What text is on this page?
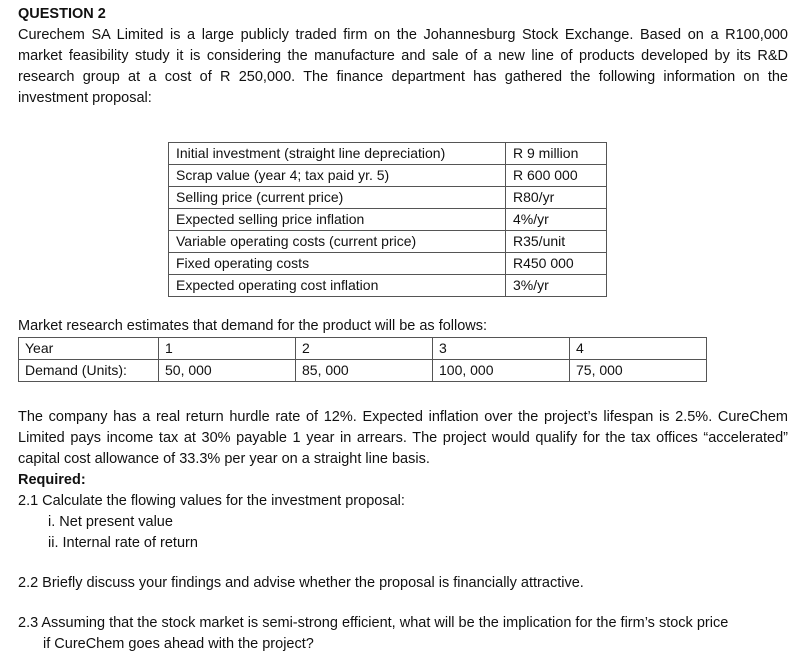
QUESTION 2

Curechem SA Limited is a large publicly traded firm on the Johannesburg Stock Exchange. Based on a R100,000 market feasibility study it is considering the manufacture and sale of a new line of products developed by its R&D research group at a cost of R 250,000. The finance department has gathered the following information on the investment proposal:

Initial investment (straight line depreciation)	R 9 million
Scrap value (year 4; tax paid yr. 5)	R 600 000
Selling price (current price)	R80/yr
Expected selling price inflation	4%/yr
Variable operating costs (current price)	R35/unit
Fixed operating costs	R450 000
Expected operating cost inflation	3%/yr

Market research estimates that demand for the product will be as follows:

Year	1	2	3	4
Demand (Units):	50, 000	85, 000	100, 000	75, 000

The company has a real return hurdle rate of 12%. Expected inflation over the project’s lifespan is 2.5%. CureChem Limited pays income tax at 30% payable 1 year in arrears. The project would qualify for the tax offices “accelerated” capital cost allowance of 33.3% per year on a straight line basis.

Required:

2.1 Calculate the flowing values for the investment proposal:

i. Net present value

ii. Internal rate of return

2.2 Briefly discuss your findings and advise whether the proposal is financially attractive.

2.3 Assuming that the stock market is semi-strong efficient, what will be the implication for the firm’s stock price

if CureChem goes ahead with the project?
